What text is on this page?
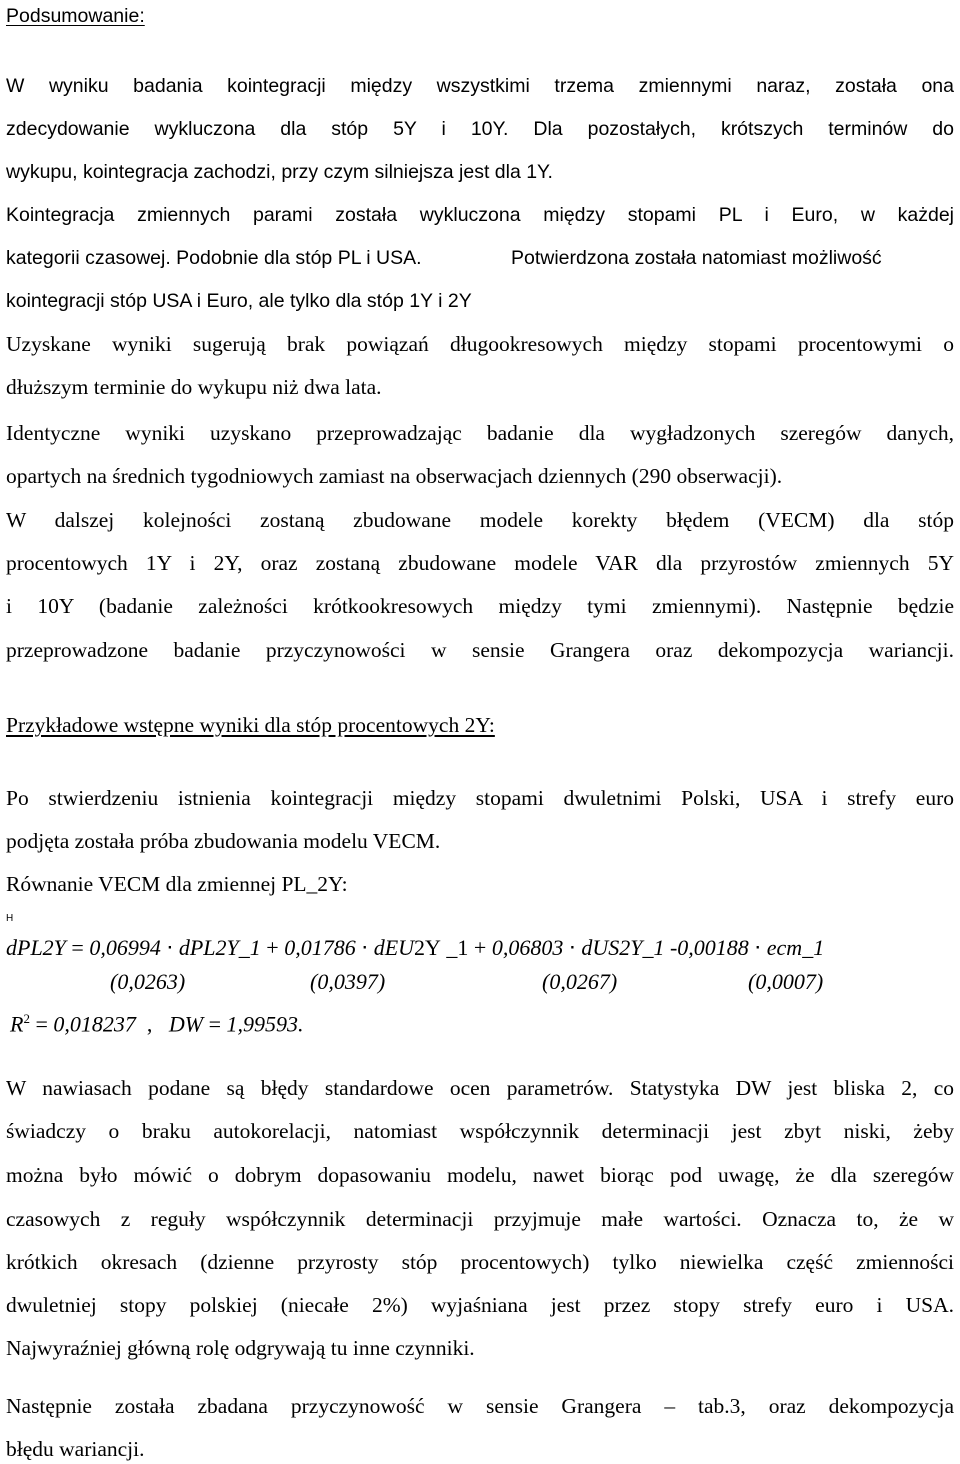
Podsumowanie:
W wyniku badania kointegracji między wszystkimi trzema zmiennymi naraz, została ona
zdecydowanie wykluczona dla stóp 5Y i 10Y. Dla pozostałych, krótszych terminów do
wykupu, kointegracja zachodzi, przy czym silniejsza jest dla 1Y.
Kointegracja zmiennych parami została wykluczona między stopami PL i Euro, w każdej
kategorii czasowej. Podobnie dla stóp PL i USA.	Potwierdzona została natomiast możliwość
kointegracji stóp USA i Euro, ale tylko dla stóp 1Y i 2Y
Uzyskane wyniki sugerują brak powiązań długookresowych między stopami procentowymi o
dłuższym terminie do wykupu niż dwa lata.
Identyczne wyniki uzyskano przeprowadzając badanie dla wygładzonych szeregów danych,
opartych na średnich tygodniowych zamiast na obserwacjach dziennych (290 obserwacji).
W dalszej kolejności zostaną zbudowane modele korekty błędem (VECM) dla stóp
procentowych 1Y i 2Y, oraz zostaną zbudowane modele VAR dla przyrostów zmiennych 5Y
i 10Y (badanie zależności krótkookresowych między tymi zmiennymi). Następnie będzie
przeprowadzone badanie przyczynowości w sensie Grangera oraz dekompozycja wariancji.
Przykładowe wstępne wyniki dla stóp procentowych 2Y:
Po stwierdzeniu istnienia kointegracji między stopami dwuletnimi Polski, USA i strefy euro
podjęta została próba zbudowania modelu VECM.
Równanie VECM dla zmiennej PL_2Y:
H
dPL2Y = 0,06994 ⋅ dPL2Y_1 + 0,01786 ⋅ dEU2Y _1 + 0,06803 ⋅ dUS2Y_1 -0,00188 ⋅ ecm_1
(0,0263)	(0,0397)	(0,0267)	(0,0007)
$R^2 = 0,018237$  ,   DW = 1,99593.
W nawiasach podane są błędy standardowe ocen parametrów. Statystyka DW jest bliska 2, co
świadczy o braku autokorelacji, natomiast współczynnik determinacji jest zbyt niski, żeby
można było mówić o dobrym dopasowaniu modelu, nawet biorąc pod uwagę, że dla szeregów
czasowych z reguły współczynnik determinacji przyjmuje małe wartości. Oznacza to, że w
krótkich okresach (dzienne przyrosty stóp procentowych) tylko niewielka część zmienności
dwuletniej stopy polskiej (niecałe 2%) wyjaśniana jest przez stopy strefy euro i USA.
Najwyraźniej główną rolę odgrywają tu inne czynniki.
Następnie została zbadana przyczynowość w sensie Grangera – tab.3, oraz dekompozycja
błędu wariancji.
